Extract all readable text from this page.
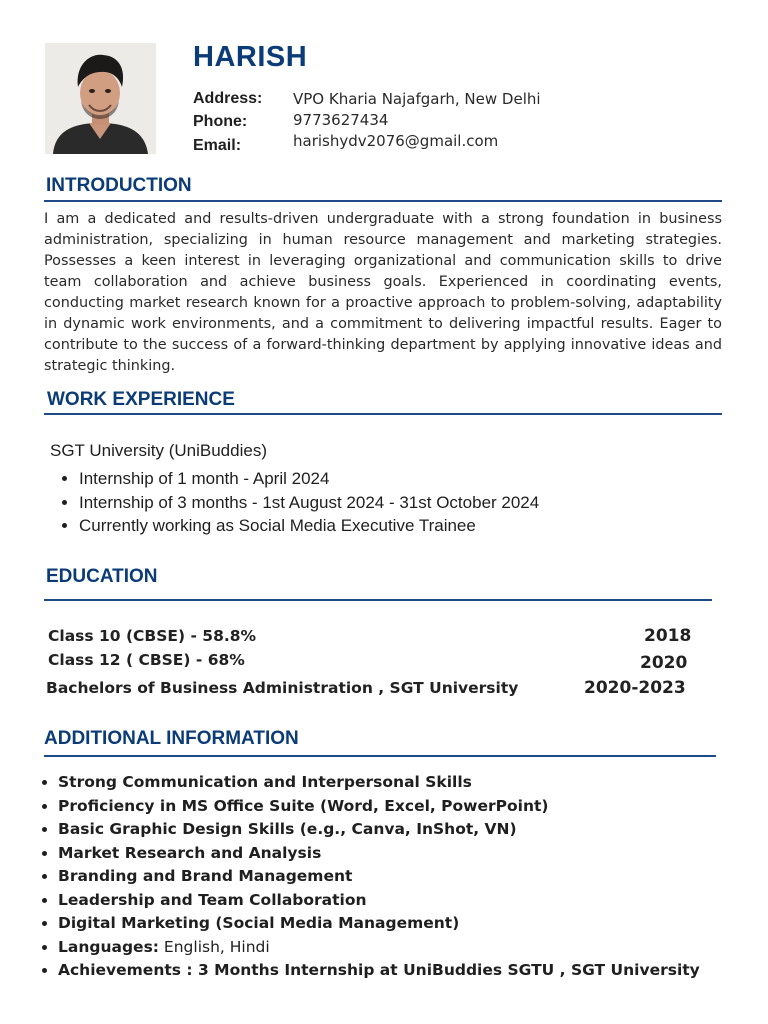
HARISH
Address: VPO Kharia Najafgarh, New Delhi
Phone:	9773627434
Email:	harishydv2076@gmail.com
INTRODUCTION
I am a dedicated and results-driven undergraduate with a strong foundation in business administration, specializing in human resource management and marketing strategies. Possesses a keen interest in leveraging organizational and communication skills to drive team collaboration and achieve business goals. Experienced in coordinating events, conducting market research known for a proactive approach to problem-solving, adaptability in dynamic work environments, and a commitment to delivering impactful results. Eager to contribute to the success of a forward-thinking department by applying innovative ideas and strategic thinking.
WORK EXPERIENCE
SGT University (UniBuddies)
• Internship of 1 month - April 2024
• Internship of 3 months - 1st August 2024 - 31st October 2024
• Currently working as Social Media Executive Trainee
EDUCATION
Class 10 (CBSE) - 58.8%	2018
Class 12 ( CBSE) - 68%	2020
Bachelors of Business Administration , SGT University	2020-2023
ADDITIONAL INFORMATION
• Strong Communication and Interpersonal Skills
• Proficiency in MS Office Suite (Word, Excel, PowerPoint)
• Basic Graphic Design Skills (e.g., Canva, InShot, VN)
• Market Research and Analysis
• Branding and Brand Management
• Leadership and Team Collaboration
• Digital Marketing (Social Media Management)
• Languages: English, Hindi
• Achievements : 3 Months Internship at UniBuddies SGTU , SGT University
